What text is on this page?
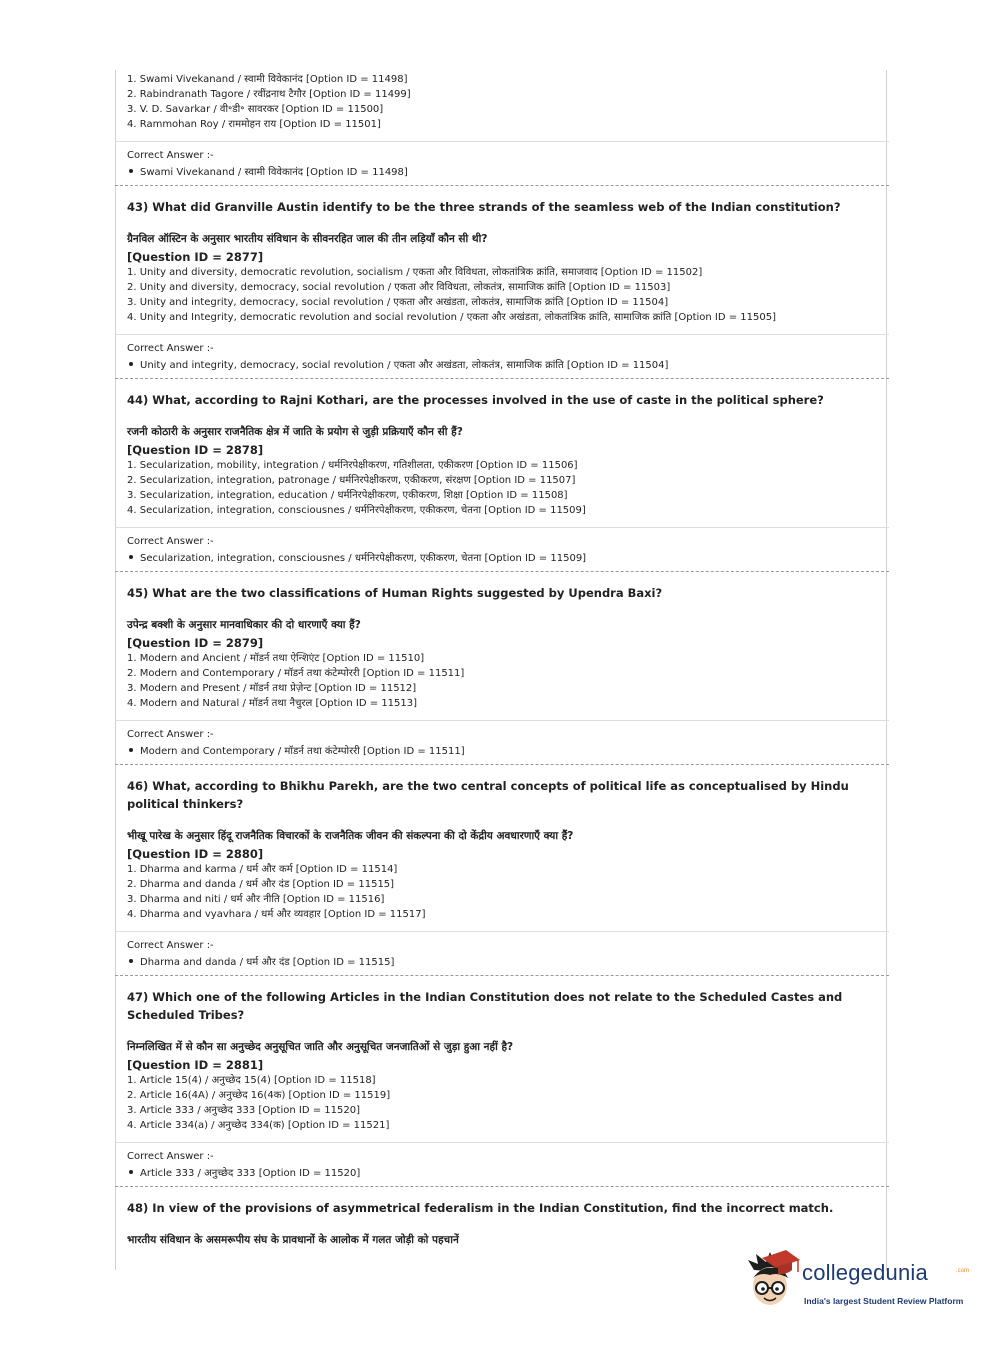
1. Swami Vivekanand / स्वामी विवेकानंद [Option ID = 11498]
2. Rabindranath Tagore / रवींद्रनाथ टैगौर [Option ID = 11499]
3. V. D. Savarkar / वी॰डी॰ सावरकर [Option ID = 11500]
4. Rammohan Roy / राममोहन राय [Option ID = 11501]
Correct Answer :-
Swami Vivekanand / स्वामी विवेकानंद [Option ID = 11498]
43) What did Granville Austin identify to be the three strands of the seamless web of the Indian constitution?
ग्रैनविल ऑस्टिन के अनुसार भारतीय संविधान के सीवनरहित जाल की तीन लड़ियाँ कौन सी थी?
[Question ID = 2877]
1. Unity and diversity, democratic revolution, socialism / एकता और विविधता, लोकतांत्रिक क्रांति, समाजवाद [Option ID = 11502]
2. Unity and diversity, democracy, social revolution / एकता और विविधता, लोकतंत्र, सामाजिक क्रांति [Option ID = 11503]
3. Unity and integrity, democracy, social revolution / एकता और अखंडता, लोकतंत्र, सामाजिक क्रांति [Option ID = 11504]
4. Unity and Integrity, democratic revolution and social revolution / एकता और अखंडता, लोकतांत्रिक क्रांति, सामाजिक क्रांति [Option ID = 11505]
Correct Answer :-
Unity and integrity, democracy, social revolution / एकता और अखंडता, लोकतंत्र, सामाजिक क्रांति [Option ID = 11504]
44) What, according to Rajni Kothari, are the processes involved in the use of caste in the political sphere?
रजनी कोठारी के अनुसार राजनैतिक क्षेत्र में जाति के प्रयोग से जुड़ी प्रक्रियाएँ कौन सी हैं?
[Question ID = 2878]
1. Secularization, mobility, integration / धर्मनिरपेक्षीकरण, गतिशीलता, एकीकरण [Option ID = 11506]
2. Secularization, integration, patronage / धर्मनिरपेक्षीकरण, एकीकरण, संरक्षण [Option ID = 11507]
3. Secularization, integration, education / धर्मनिरपेक्षीकरण, एकीकरण, शिक्षा [Option ID = 11508]
4. Secularization, integration, consciousnes / धर्मनिरपेक्षीकरण, एकीकरण, चेतना [Option ID = 11509]
Correct Answer :-
Secularization, integration, consciousnes / धर्मनिरपेक्षीकरण, एकीकरण, चेतना [Option ID = 11509]
45) What are the two classifications of Human Rights suggested by Upendra Baxi?
उपेन्द्र बक्शी के अनुसार मानवाधिकार की दो धारणाएँ क्या हैं?
[Question ID = 2879]
1. Modern and Ancient / मॉडर्न तथा ऐन्शिएंट [Option ID = 11510]
2. Modern and Contemporary / मॉडर्न तथा कंटेम्पोररी [Option ID = 11511]
3. Modern and Present / मॉडर्न तथा प्रेज़ेन्ट [Option ID = 11512]
4. Modern and Natural / मॉडर्न तथा नैचुरल [Option ID = 11513]
Correct Answer :-
Modern and Contemporary / मॉडर्न तथा कंटेम्पोररी [Option ID = 11511]
46) What, according to Bhikhu Parekh, are the two central concepts of political life as conceptualised by Hindu political thinkers?
भीखू पारेख के अनुसार हिंदू राजनैतिक विचारकों के राजनैतिक जीवन की संकल्पना की दो केंद्रीय अवधारणाएँ क्या हैं?
[Question ID = 2880]
1. Dharma and karma / धर्म और कर्म [Option ID = 11514]
2. Dharma and danda / धर्म और दंड [Option ID = 11515]
3. Dharma and niti / धर्म और नीति [Option ID = 11516]
4. Dharma and vyavhara / धर्म और व्यवहार [Option ID = 11517]
Correct Answer :-
Dharma and danda / धर्म और दंड [Option ID = 11515]
47) Which one of the following Articles in the Indian Constitution does not relate to the Scheduled Castes and Scheduled Tribes?
निम्नलिखित में से कौन सा अनुच्छेद अनुसूचित जाति और अनुसूचित जनजातिओं से जुड़ा हुआ नहीं है?
[Question ID = 2881]
1. Article 15(4) / अनुच्छेद 15(4) [Option ID = 11518]
2. Article 16(4A) / अनुच्छेद 16(4क) [Option ID = 11519]
3. Article 333 / अनुच्छेद 333 [Option ID = 11520]
4. Article 334(a) / अनुच्छेद 334(क) [Option ID = 11521]
Correct Answer :-
Article 333 / अनुच्छेद 333 [Option ID = 11520]
48) In view of the provisions of asymmetrical federalism in the Indian Constitution, find the incorrect match.
भारतीय संविधान के असमरूपीय संघ के प्रावधानों के आलोक में गलत जोड़ी को पहचानें
collegedunia	.com
India's largest Student Review Platform
